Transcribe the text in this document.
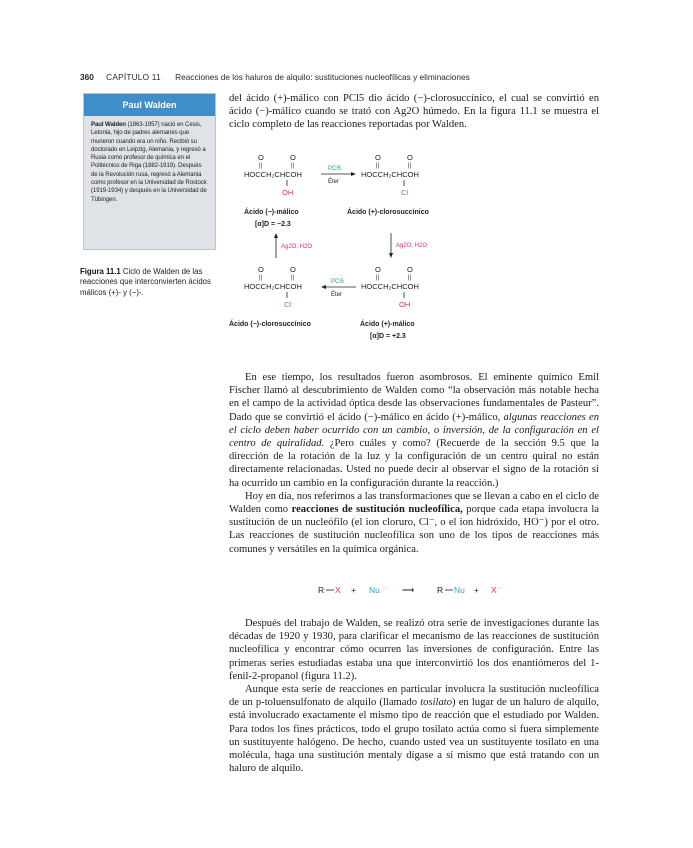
360 CAPÍTULO 11 Reacciones de los haluros de alquilo: sustituciones nucleofílicas y eliminaciones
Paul Walden
Paul Walden (1863-1957) nació en Cesis, Letonia, hijo de padres alemanes que murieron cuando era un niño. Recibió su doctorado en Leipzig, Alemania, y regresó a Rusia como profesor de química en el Politécnico de Riga (1882-1919). Después de la Revolución rusa, regresó a Alemania como profesor en la Universidad de Rostock (1919-1934) y después en la Universidad de Tübingen.
Figura 11.1 Ciclo de Walden de las reacciones que interconvierten ácidos málicos (+)- y (−)-.

del ácido (+)-málico con PCl5 dio ácido (−)-clorosuccínico, el cual se convirtió en ácido (−)-málico cuando se trató con Ag2O húmedo. En la figura 11.1 se muestra el ciclo completo de las reacciones reportadas por Walden.

O	O
||	||
HOCCH₂CHCOH
OH
PCl5
Éter
O	O
||	||
HOCCH₂CHCOH
Cl
Ácido (−)-málico
[α]D = −2.3
Ácido (+)-clorosuccínico
Ag2O, H2O	Ag2O, H2O
O	O
||	||
HOCCH₂CHCOH
Cl
PCl5
Éter
O	O
||	||
HOCCH₂CHCOH
OH
Ácido (−)-clorosuccínico	Ácido (+)-málico
[α]D = +2.3

En ese tiempo, los resultados fueron asombrosos. El eminente químico Emil Fischer llamó al descubrimiento de Walden como “la observación más notable hecha en el campo de la actividad óptica desde las observaciones fundamentales de Pasteur”. Dado que se convirtió el ácido (−)-málico en ácido (+)-málico, algunas reacciones en el ciclo deben haber ocurrido con un cambio, o inversión, de la configuración en el centro de quiralidad. ¿Pero cuáles y como? (Recuerde de la sección 9.5 que la dirección de la rotación de la luz y la configuración de un centro quiral no están directamente relacionadas. Usted no puede decir al observar el signo de la rotación si ha ocurrido un cambio en la configuración durante la reacción.)

Hoy en día, nos referimos a las transformaciones que se llevan a cabo en el ciclo de Walden como reacciones de sustitución nucleofílica, porque cada etapa involucra la sustitución de un nucleófilo (el ion cloruro, Cl⁻, o el ion hidróxido, HO⁻) por el otro. Las reacciones de sustitución nucleofílica son uno de los tipos de reacciones más comunes y versátiles en la química orgánica.

R X + Nu :⁻ ⟶	R Nu + X :⁻

Después del trabajo de Walden, se realizó otra serie de investigaciones durante las décadas de 1920 y 1930, para clarificar el mecanismo de las reacciones de sustitución nucleofílica y encontrar cómo ocurren las inversiones de configuración. Entre las primeras series estudiadas estaba una que interconvirtió los dos enantiómeros del 1-fenil-2-propanol (figura 11.2).

Aunque esta serie de reacciones en particular involucra la sustitución nucleofílica de un p-toluensulfonato de alquilo (llamado tosilato) en lugar de un haluro de alquilo, está involucrado exactamente el mismo tipo de reacción que el estudiado por Walden. Para todos los fines prácticos, todo el grupo tosilato actúa como si fuera simplemente un sustituyente halógeno. De hecho, cuando usted vea un sustituyente tosilato en una molécula, haga una sustitución mentaly dígase a sí mismo que está tratando con un haluro de alquilo.
